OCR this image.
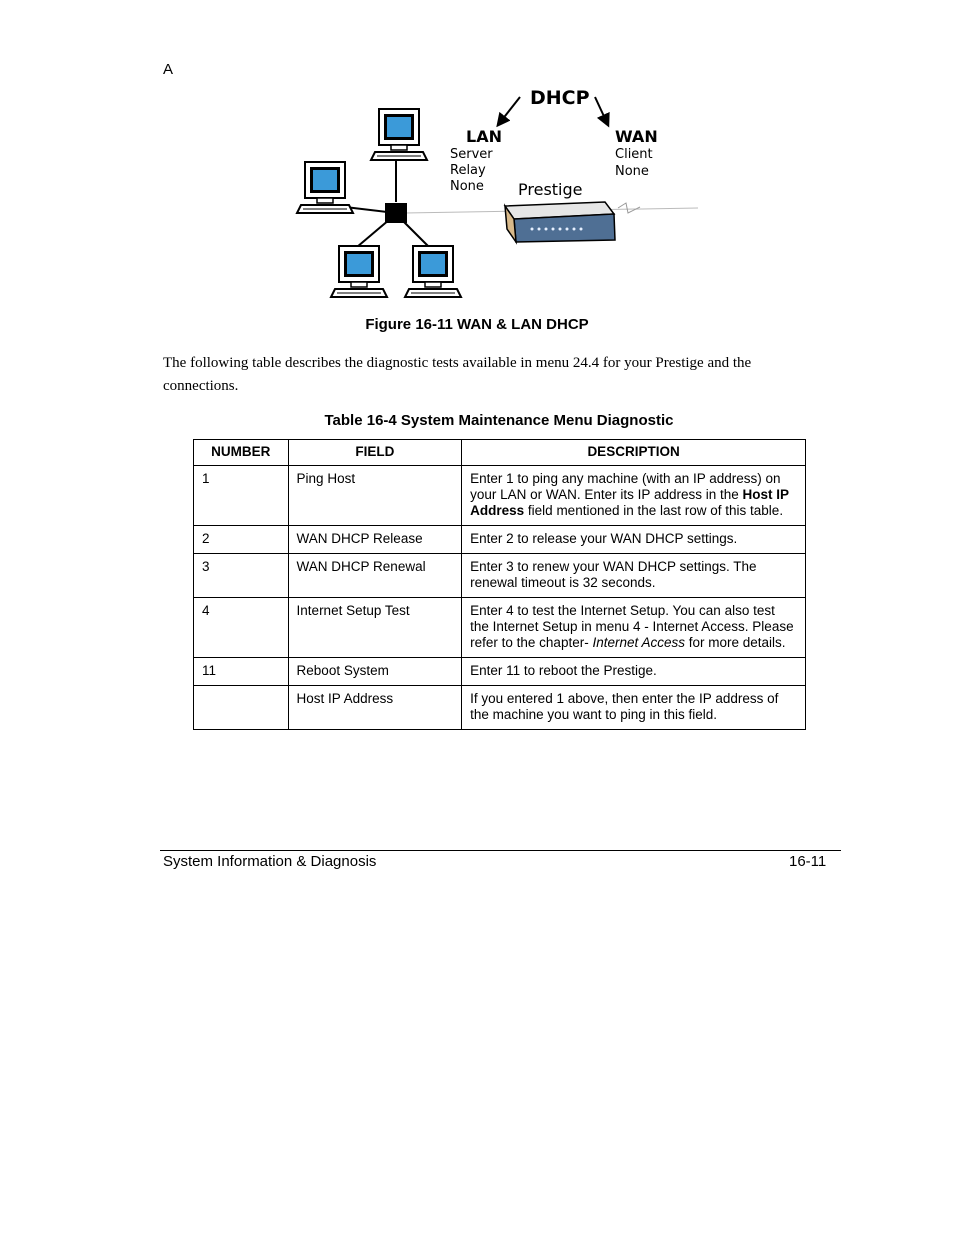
A
DHCP
LAN
Server
Relay
None
WAN
Client
None
Prestige
Figure 16-11 WAN & LAN DHCP

The following table describes the diagnostic tests available in menu 24.4 for your Prestige and the connections.

Table 16-4 System Maintenance Menu Diagnostic
NUMBER	FIELD	DESCRIPTION
1	Ping Host	Enter 1 to ping any machine (with an IP address) on your LAN or WAN. Enter its IP address in the Host IP Address field mentioned in the last row of this table.
2	WAN DHCP Release	Enter 2 to release your WAN DHCP settings.
3	WAN DHCP Renewal	Enter 3 to renew your WAN DHCP settings. The renewal timeout is 32 seconds.
4	Internet Setup Test	Enter 4 to test the Internet Setup. You can also test the Internet Setup in menu 4 - Internet Access. Please refer to the chapter- Internet Access for more details.
11	Reboot System	Enter 11 to reboot the Prestige.
	Host IP Address	If you entered 1 above, then enter the IP address of the machine you want to ping in this field.
System Information & Diagnosis	16-11
